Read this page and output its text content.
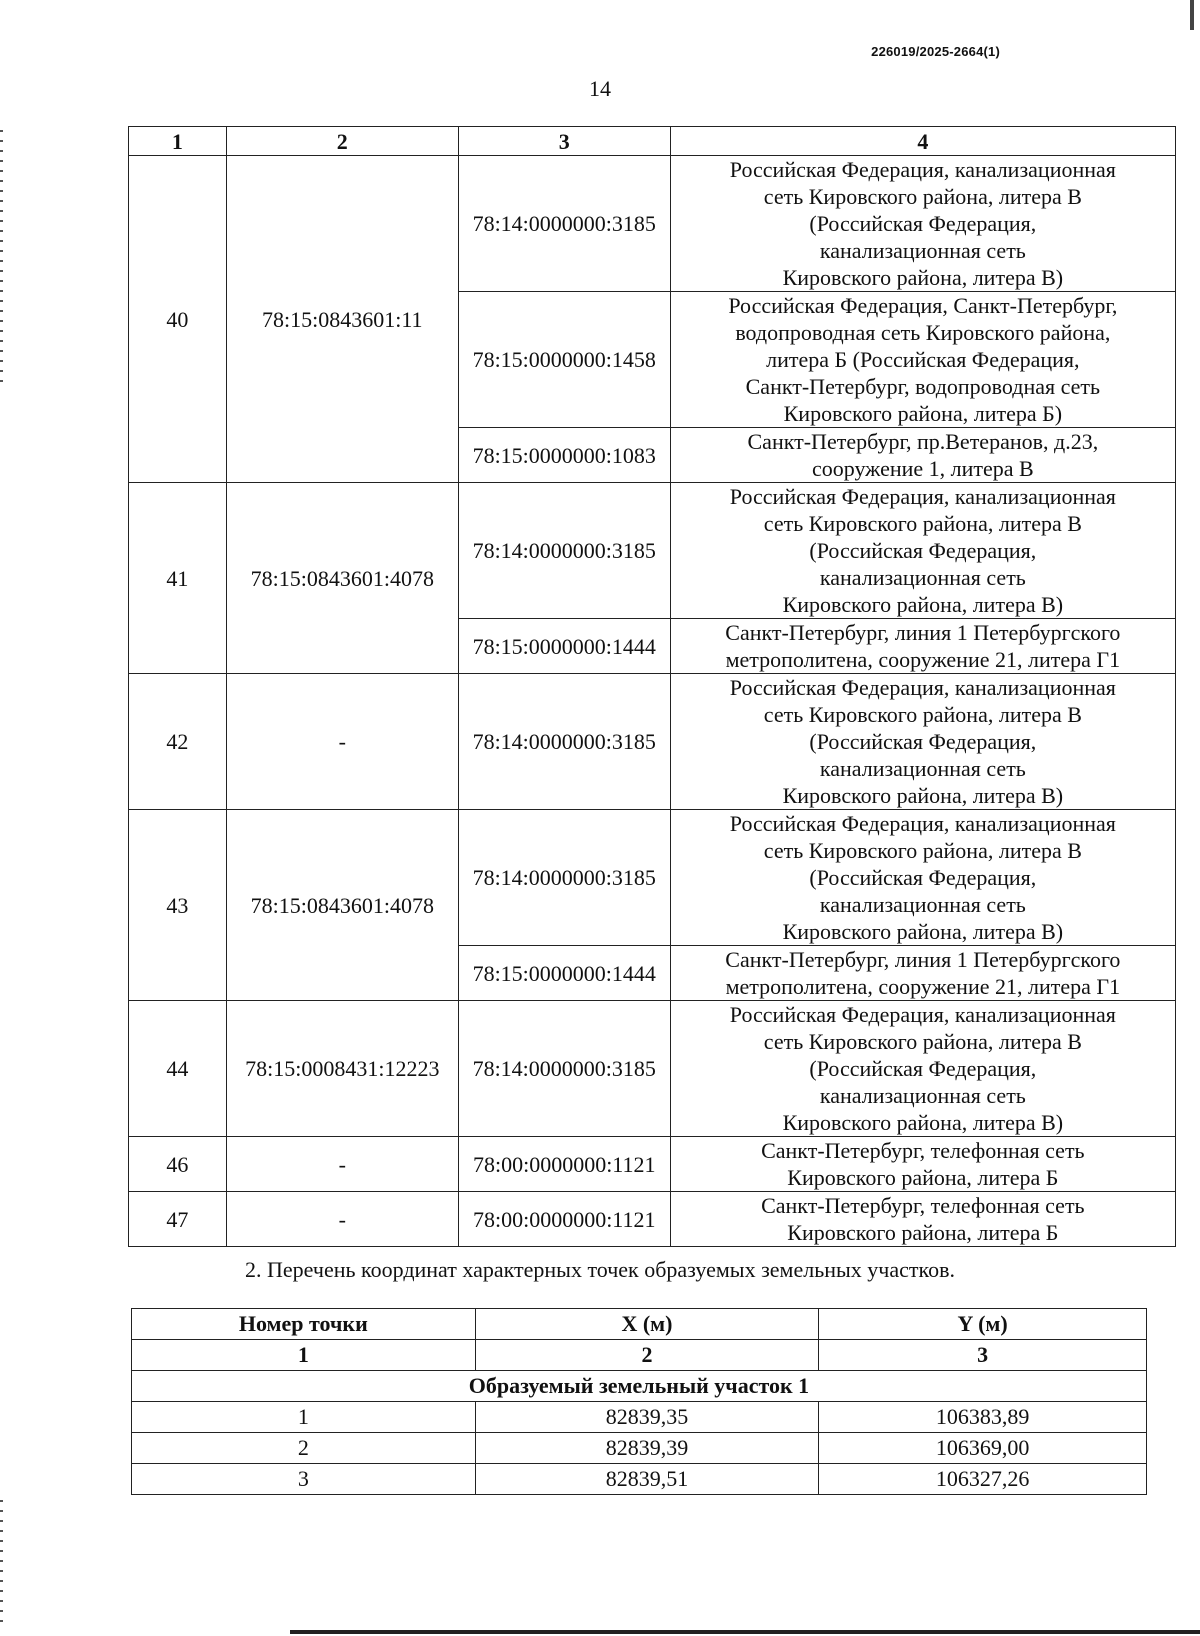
226019/2025-2664(1)
14
1	2	3	4
40	78:15:0843601:11	78:14:0000000:3185	Российская Федерация, канализационная
сеть Кировского района, литера В
(Российская Федерация,
канализационная сеть
Кировского района, литера В)

		78:15:0000000:1458	Российская Федерация, Санкт-Петербург,
водопроводная сеть Кировского района,
литера Б (Российская Федерация,
Санкт-Петербург, водопроводная сеть
Кировского района, литера Б)

		78:15:0000000:1083	Санкт-Петербург, пр.Ветеранов, д.23,
сооружение 1, литера В

41	78:15:0843601:4078	78:14:0000000:3185	Российская Федерация, канализационная
сеть Кировского района, литера В
(Российская Федерация,
канализационная сеть
Кировского района, литера В)

		78:15:0000000:1444	Санкт-Петербург, линия 1 Петербургского
метрополитена, сооружение 21, литера Г1

42	-	78:14:0000000:3185	Российская Федерация, канализационная
сеть Кировского района, литера В
(Российская Федерация,
канализационная сеть
Кировского района, литера В)

43	78:15:0843601:4078	78:14:0000000:3185	Российская Федерация, канализационная
сеть Кировского района, литера В
(Российская Федерация,
канализационная сеть
Кировского района, литера В)

		78:15:0000000:1444	Санкт-Петербург, линия 1 Петербургского
метрополитена, сооружение 21, литера Г1

44	78:15:0008431:12223	78:14:0000000:3185	Российская Федерация, канализационная
сеть Кировского района, литера В
(Российская Федерация,
канализационная сеть
Кировского района, литера В)

46	-	78:00:0000000:1121	Санкт-Петербург, телефонная сеть
Кировского района, литера Б

47	-	78:00:0000000:1121	Санкт-Петербург, телефонная сеть
Кировского района, литера Б
2. Перечень координат характерных точек образуемых земельных участков.
Номер точки	X (м)	Y (м)
1	2	3
Образуемый земельный участок 1		
1	82839,35	106383,89
2	82839,39	106369,00
3	82839,51	106327,26
